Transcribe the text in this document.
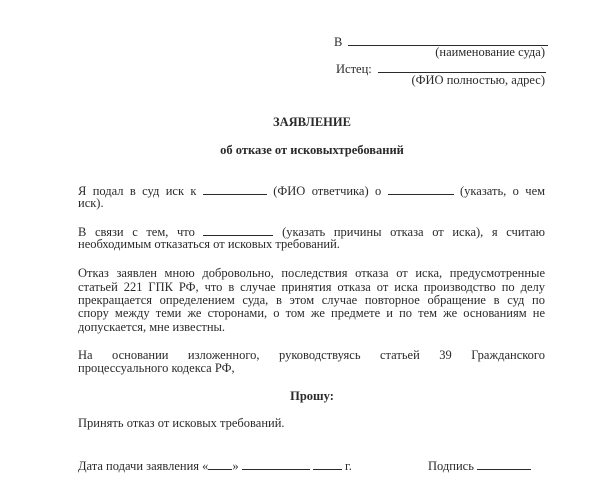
В
(наименование суда)
Истец:
(ФИО полностью, адрес)
ЗАЯВЛЕНИЕ
об отказе от исковыхтребований
Я подал в суд иск к	(ФИО ответчика) о	(указать, о чем
иск).
В связи с тем, что	(указать причины отказа от иска), я считаю
необходимым отказаться от исковых требований.
Отказ заявлен мною добровольно, последствия отказа от иска, предусмотренные
статьей 221 ГПК РФ, что в случае принятия отказа от иска производство по делу
прекращается определением суда, в этом случае повторное обращение в суд по
спору между теми же сторонами, о том же предмете и по тем же основаниям не
допускается, мне известны.
На основании изложенного, руководствуясь статьей 39 Гражданского
процессуального кодекса РФ,
Прошу:
Принять отказ от исковых требований.
Дата подачи заявления « »	г.	Подпись
